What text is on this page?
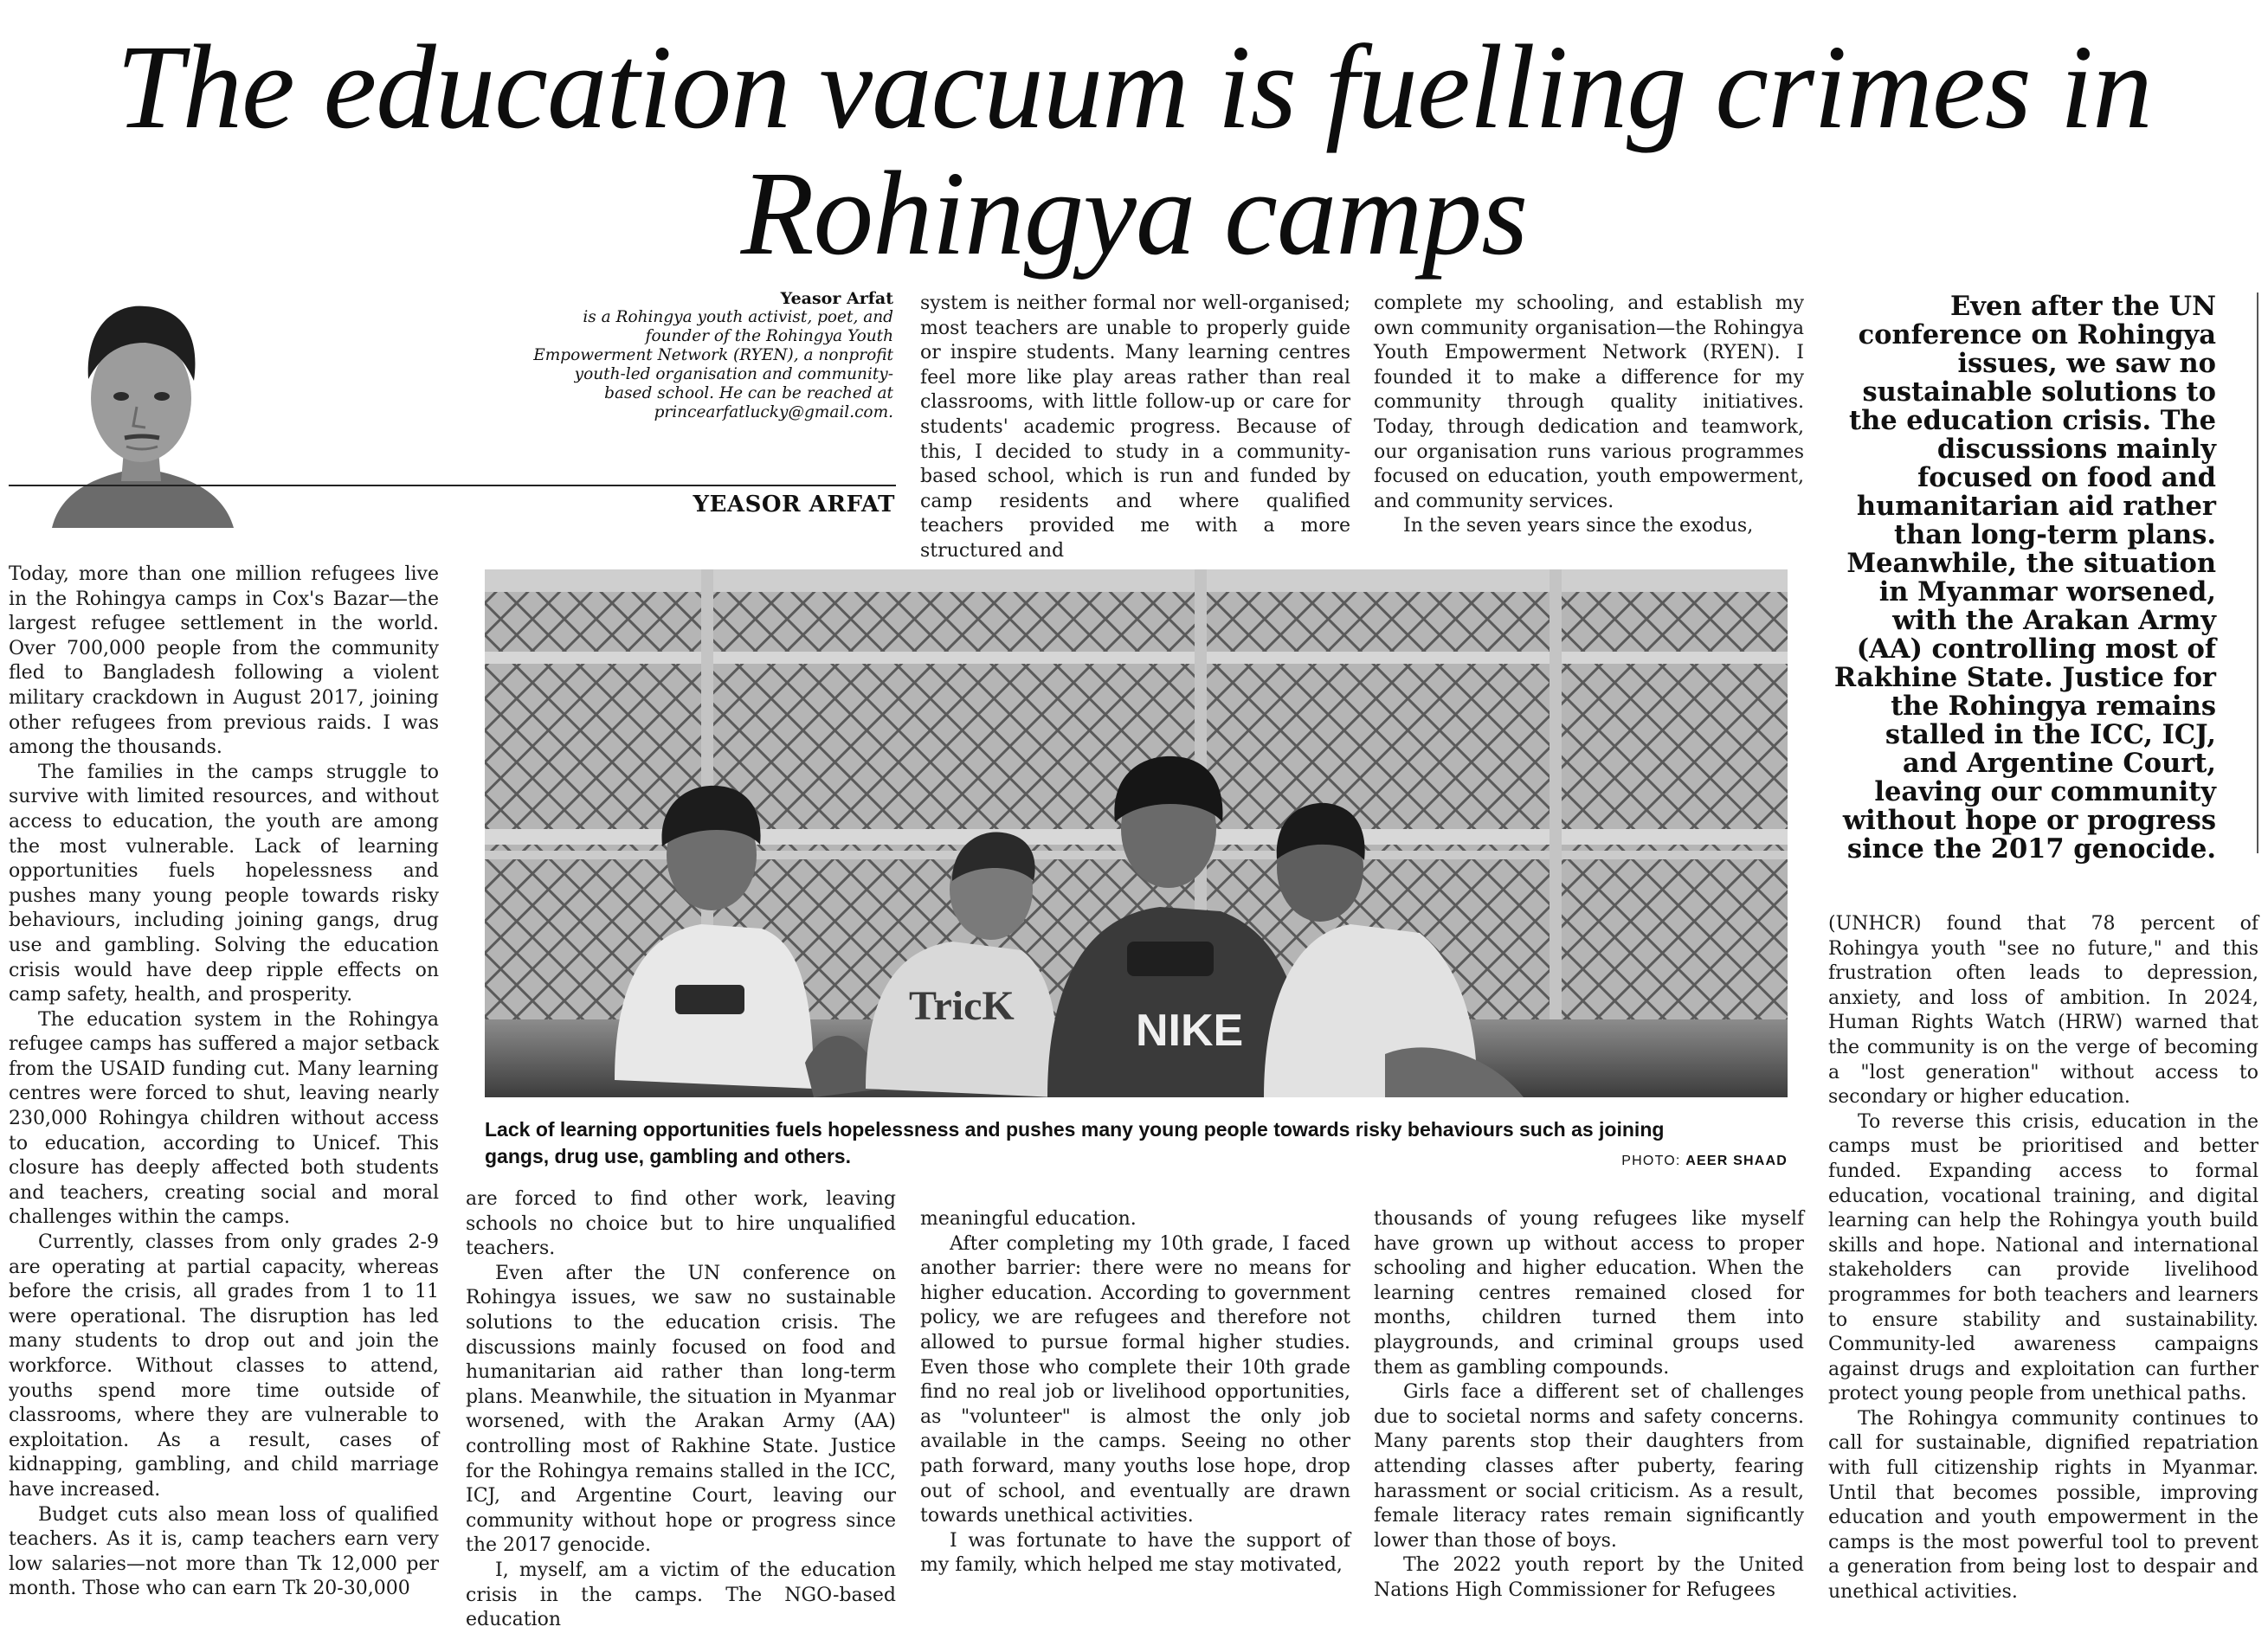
The education vacuum is fuelling crimes in Rohingya camps
Yeasor Arfat
is a Rohingya youth activist, poet, and founder of the Rohingya Youth Empowerment Network (RYEN), a nonprofit youth-led organisation and community-based school. He can be reached at princearfatlucky@gmail.com.
YEASOR ARFAT

Today, more than one million refugees live in the Rohingya camps in Cox's Bazar—the largest refugee settlement in the world. Over 700,000 people from the community fled to Bangladesh following a violent military crackdown in August 2017, joining other refugees from previous raids. I was among the thousands.

The families in the camps struggle to survive with limited resources, and without access to education, the youth are among the most vulnerable. Lack of learning opportunities fuels hopelessness and pushes many young people towards risky behaviours, including joining gangs, drug use and gambling. Solving the education crisis would have deep ripple effects on camp safety, health, and prosperity.

The education system in the Rohingya refugee camps has suffered a major setback from the USAID funding cut. Many learning centres were forced to shut, leaving nearly 230,000 Rohingya children without access to education, according to Unicef. This closure has deeply affected both students and teachers, creating social and moral challenges within the camps.

Currently, classes from only grades 2-9 are operating at partial capacity, whereas before the crisis, all grades from 1 to 11 were operational. The disruption has led many students to drop out and join the workforce. Without classes to attend, youths spend more time outside of classrooms, where they are vulnerable to exploitation. As a result, cases of kidnapping, gambling, and child marriage have increased.

Budget cuts also mean loss of qualified teachers. As it is, camp teachers earn very low salaries—not more than Tk 12,000 per month. Those who can earn Tk 20-30,000

system is neither formal nor well-organised; most teachers are unable to properly guide or inspire students. Many learning centres feel more like play areas rather than real classrooms, with little follow-up or care for students' academic progress. Because of this, I decided to study in a community-based school, which is run and funded by camp residents and where qualified teachers provided me with a more structured and

complete my schooling, and establish my own community organisation—the Rohingya Youth Empowerment Network (RYEN). I founded it to make a difference for my community through quality initiatives. Today, through dedication and teamwork, our organisation runs various programmes focused on education, youth empowerment, and community services.

In the seven years since the exodus,

Even after the UN conference on Rohingya issues, we saw no sustainable solutions to the education crisis. The discussions mainly focused on food and humanitarian aid rather than long-term plans. Meanwhile, the situation in Myanmar worsened, with the Arakan Army (AA) controlling most of Rakhine State. Justice for the Rohingya remains stalled in the ICC, ICJ, and Argentine Court, leaving our community without hope or progress since the 2017 genocide.
TricK	NIKE
Lack of learning opportunities fuels hopelessness and pushes many young people towards risky behaviours such as joining gangs, drug use, gambling and others.	PHOTO: AEER SHAAD

are forced to find other work, leaving schools no choice but to hire unqualified teachers.

Even after the UN conference on Rohingya issues, we saw no sustainable solutions to the education crisis. The discussions mainly focused on food and humanitarian aid rather than long-term plans. Meanwhile, the situation in Myanmar worsened, with the Arakan Army (AA) controlling most of Rakhine State. Justice for the Rohingya remains stalled in the ICC, ICJ, and Argentine Court, leaving our community without hope or progress since the 2017 genocide.

I, myself, am a victim of the education crisis in the camps. The NGO-based education

meaningful education.

After completing my 10th grade, I faced another barrier: there were no means for higher education. According to government policy, we are refugees and therefore not allowed to pursue formal higher studies. Even those who complete their 10th grade find no real job or livelihood opportunities, as "volunteer" is almost the only job available in the camps. Seeing no other path forward, many youths lose hope, drop out of school, and eventually are drawn towards unethical activities.

I was fortunate to have the support of my family, which helped me stay motivated,

thousands of young refugees like myself have grown up without access to proper schooling and higher education. When the learning centres remained closed for months, children turned them into playgrounds, and criminal groups used them as gambling compounds.

Girls face a different set of challenges due to societal norms and safety concerns. Many parents stop their daughters from attending classes after puberty, fearing harassment or social criticism. As a result, female literacy rates remain significantly lower than those of boys.

The 2022 youth report by the United Nations High Commissioner for Refugees

(UNHCR) found that 78 percent of Rohingya youth "see no future," and this frustration often leads to depression, anxiety, and loss of ambition. In 2024, Human Rights Watch (HRW) warned that the community is on the verge of becoming a "lost generation" without access to secondary or higher education.

To reverse this crisis, education in the camps must be prioritised and better funded. Expanding access to formal education, vocational training, and digital learning can help the Rohingya youth build skills and hope. National and international stakeholders can provide livelihood programmes for both teachers and learners to ensure stability and sustainability. Community-led awareness campaigns against drugs and exploitation can further protect young people from unethical paths.

The Rohingya community continues to call for sustainable, dignified repatriation with full citizenship rights in Myanmar. Until that becomes possible, improving education and youth empowerment in the camps is the most powerful tool to prevent a generation from being lost to despair and unethical activities.
